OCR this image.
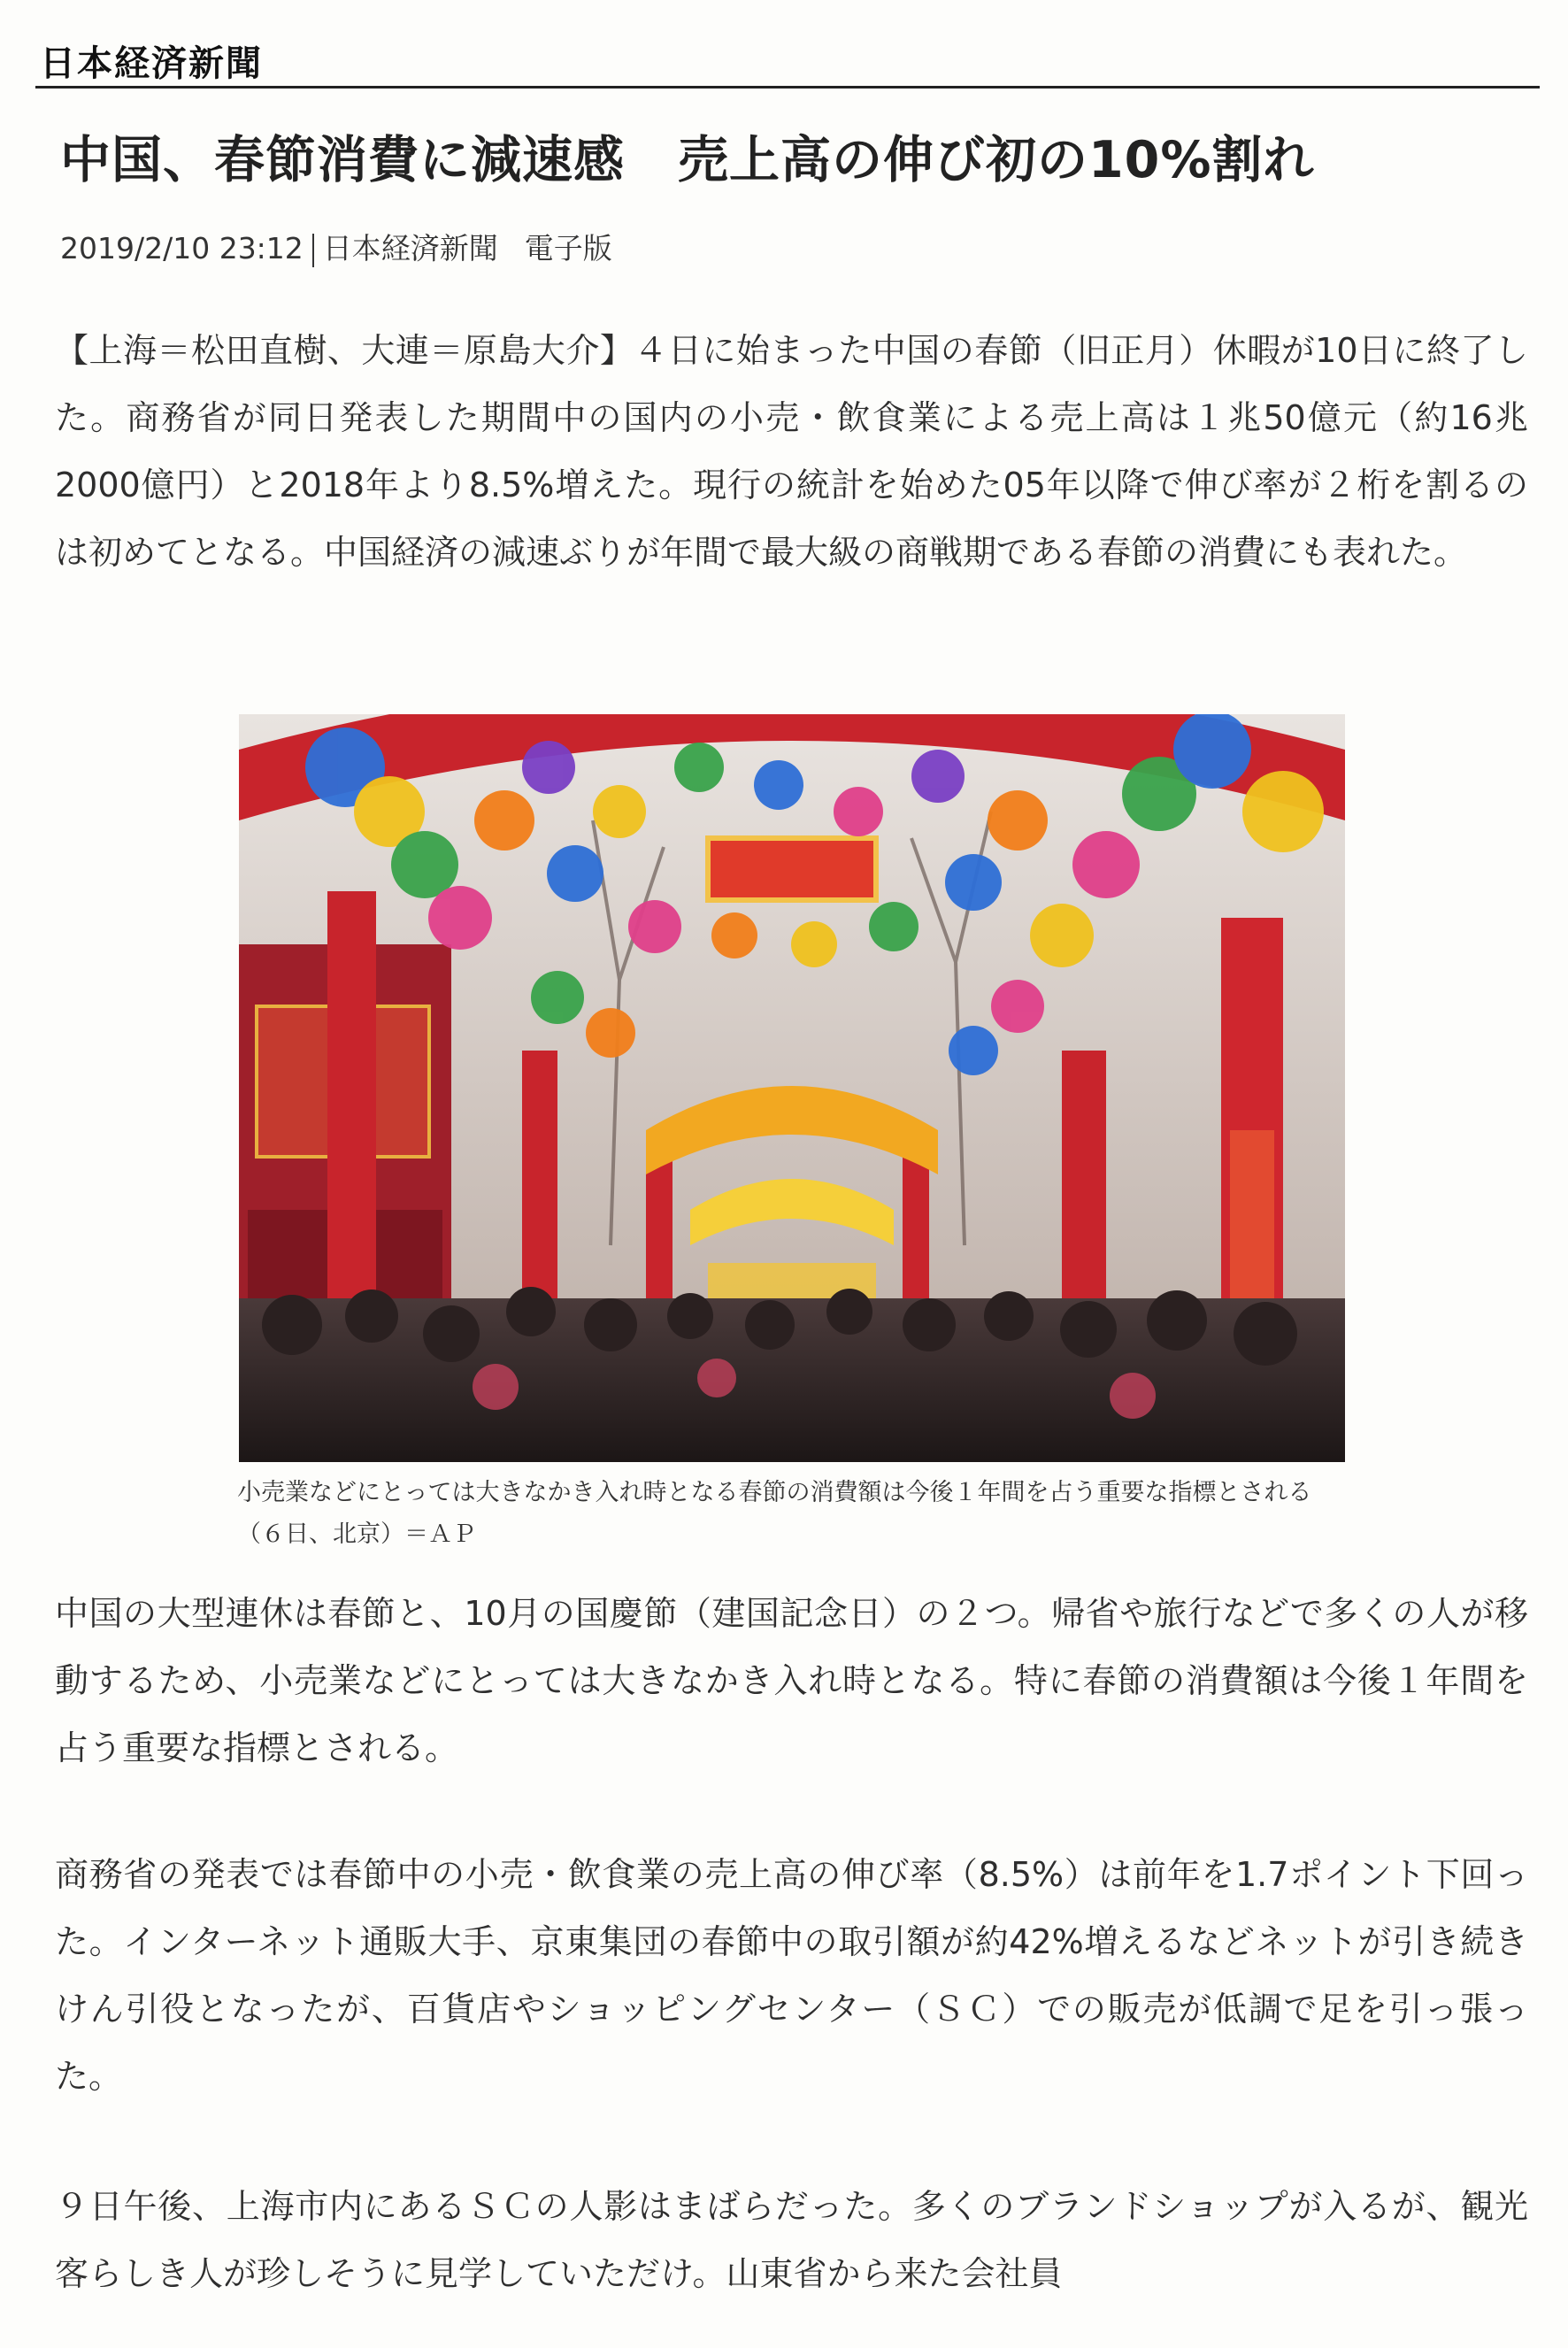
日本経済新聞
中国、春節消費に減速感 売上高の伸び初の10%割れ
2019/2/10 23:12 日本経済新聞 電子版

【上海＝松田直樹、大連＝原島大介】４日に始まった中国の春節（旧正月）休暇が10日に終了した。商務省が同日発表した期間中の国内の小売・飲食業による売上高は１兆50億元（約16兆2000億円）と2018年より8.5%増えた。現行の統計を始めた05年以降で伸び率が２桁を割るのは初めてとなる。中国経済の減速ぶりが年間で最大級の商戦期である春節の消費にも表れた。

小売業などにとっては大きなかき入れ時となる春節の消費額は今後１年間を占う重要な指標とされる（６日、北京）＝ＡＰ

中国の大型連休は春節と、10月の国慶節（建国記念日）の２つ。帰省や旅行などで多くの人が移動するため、小売業などにとっては大きなかき入れ時となる。特に春節の消費額は今後１年間を占う重要な指標とされる。

商務省の発表では春節中の小売・飲食業の売上高の伸び率（8.5%）は前年を1.7ポイント下回った。インターネット通販大手、京東集団の春節中の取引額が約42%増えるなどネットが引き続きけん引役となったが、百貨店やショッピングセンター（ＳＣ）での販売が低調で足を引っ張った。

９日午後、上海市内にあるＳＣの人影はまばらだった。多くのブランドショップが入るが、観光客らしき人が珍しそうに見学していただけ。山東省から来た会社員
